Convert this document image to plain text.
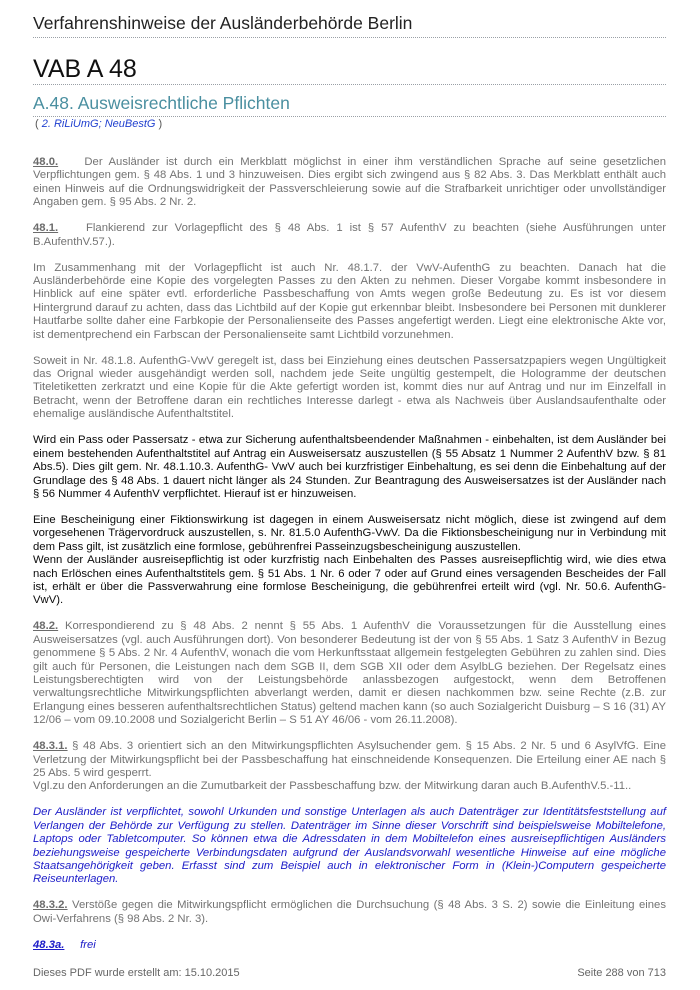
Verfahrenshinweise der Ausländerbehörde Berlin
VAB A 48
A.48. Ausweisrechtliche Pflichten
( 2. RiLiUmG; NeuBestG )

48.0. Der Ausländer ist durch ein Merkblatt möglichst in einer ihm verständlichen Sprache auf seine gesetzlichen Verpflichtungen gem. § 48 Abs. 1 und 3 hinzuweisen. Dies ergibt sich zwingend aus § 82 Abs. 3. Das Merkblatt enthält auch einen Hinweis auf die Ordnungswidrigkeit der Passverschleierung sowie auf die Strafbarkeit unrichtiger oder unvollständiger Angaben gem. § 95 Abs. 2 Nr. 2.

48.1. Flankierend zur Vorlagepflicht des § 48 Abs. 1 ist § 57 AufenthV zu beachten (siehe Ausführungen unter B.AufenthV.57.).

Im Zusammenhang mit der Vorlagepflicht ist auch Nr. 48.1.7. der VwV-AufenthG zu beachten. Danach hat die Ausländerbehörde eine Kopie des vorgelegten Passes zu den Akten zu nehmen. Dieser Vorgabe kommt insbesondere in Hinblick auf eine später evtl. erforderliche Passbeschaffung von Amts wegen große Bedeutung zu. Es ist vor diesem Hintergrund darauf zu achten, dass das Lichtbild auf der Kopie gut erkennbar bleibt. Insbesondere bei Personen mit dunklerer Hautfarbe sollte daher eine Farbkopie der Personalienseite des Passes angefertigt werden. Liegt eine elektronische Akte vor, ist dementprechend ein Farbscan der Personalienseite samt Lichtbild vorzunehmen.

Soweit in Nr. 48.1.8. AufenthG-VwV geregelt ist, dass bei Einziehung eines deutschen Passersatzpapiers wegen Ungültigkeit das Orignal wieder ausgehändigt werden soll, nachdem jede Seite ungültig gestempelt, die Hologramme der deutschen Titeletiketten zerkratzt und eine Kopie für die Akte gefertigt worden ist, kommt dies nur auf Antrag und nur im Einzelfall in Betracht, wenn der Betroffene daran ein rechtliches Interesse darlegt - etwa als Nachweis über Auslandsaufenthalte oder ehemalige ausländische Aufenthaltstitel.

Wird ein Pass oder Passersatz - etwa zur Sicherung aufenthaltsbeendender Maßnahmen - einbehalten, ist dem Ausländer bei einem bestehenden Aufenthaltstitel auf Antrag ein Ausweisersatz auszustellen (§ 55 Absatz 1 Nummer 2 AufenthV bzw. § 81 Abs.5). Dies gilt gem. Nr. 48.1.10.3. AufenthG- VwV auch bei kurzfristiger Einbehaltung, es sei denn die Einbehaltung auf der Grundlage des § 48 Abs. 1 dauert nicht länger als 24 Stunden. Zur Beantragung des Ausweisersatzes ist der Ausländer nach § 56 Nummer 4 AufenthV verpflichtet. Hierauf ist er hinzuweisen.

Eine Bescheinigung einer Fiktionswirkung ist dagegen in einem Ausweisersatz nicht möglich, diese ist zwingend auf dem vorgesehenen Trägervordruck auszustellen, s. Nr. 81.5.0 AufenthG-VwV. Da die Fiktionsbescheinigung nur in Verbindung mit dem Pass gilt, ist zusätzlich eine formlose, gebührenfrei Passeinzugsbescheinigung auszustellen.
Wenn der Ausländer ausreisepflichtig ist oder kurzfristig nach Einbehalten des Passes ausreisepflichtig wird, wie dies etwa nach Erlöschen eines Aufenthaltstitels gem. § 51 Abs. 1 Nr. 6 oder 7 oder auf Grund eines versagenden Bescheides der Fall ist, erhält er über die Passverwahrung eine formlose Bescheinigung, die gebührenfrei erteilt wird (vgl. Nr. 50.6. AufenthG-VwV).

48.2. Korrespondierend zu § 48 Abs. 2 nennt § 55 Abs. 1 AufenthV die Voraussetzungen für die Ausstellung eines Ausweisersatzes (vgl. auch Ausführungen dort). Von besonderer Bedeutung ist der von § 55 Abs. 1 Satz 3 AufenthV in Bezug genommene § 5 Abs. 2 Nr. 4 AufenthV, wonach die vom Herkunftsstaat allgemein festgelegten Gebühren zu zahlen sind. Dies gilt auch für Personen, die Leistungen nach dem SGB II, dem SGB XII oder dem AsylbLG beziehen. Der Regelsatz eines Leistungsberechtigten wird von der Leistungsbehörde anlassbezogen aufgestockt, wenn dem Betroffenen verwaltungsrechtliche Mitwirkungspflichten abverlangt werden, damit er diesen nachkommen bzw. seine Rechte (z.B. zur Erlangung eines besseren aufenthaltsrechtlichen Status) geltend machen kann (so auch Sozialgericht Duisburg – S 16 (31) AY 12/06 – vom 09.10.2008 und Sozialgericht Berlin – S 51 AY 46/06 - vom 26.11.2008).

48.3.1. § 48 Abs. 3 orientiert sich an den Mitwirkungspflichten Asylsuchender gem. § 15 Abs. 2 Nr. 5 und 6 AsylVfG. Eine Verletzung der Mitwirkungspflicht bei der Passbeschaffung hat einschneidende Konsequenzen. Die Erteilung einer AE nach § 25 Abs. 5 wird gesperrt.
Vgl.zu den Anforderungen an die Zumutbarkeit der Passbeschaffung bzw. der Mitwirkung daran auch B.AufenthV.5.-11..

Der Ausländer ist verpflichtet, sowohl Urkunden und sonstige Unterlagen als auch Datenträger zur Identitätsfeststellung auf Verlangen der Behörde zur Verfügung zu stellen. Datenträger im Sinne dieser Vorschrift sind beispielsweise Mobiltelefone, Laptops oder Tabletcomputer. So können etwa die Adressdaten in dem Mobiltelefon eines ausreisepflichtigen Ausländers beziehungsweise gespeicherte Verbindungsdaten aufgrund der Auslandsvorwahl wesentliche Hinweise auf eine mögliche Staatsangehörigkeit geben. Erfasst sind zum Beispiel auch in elektronischer Form in (Klein-)Computern gespeicherte Reiseunterlagen.

48.3.2. Verstöße gegen die Mitwirkungspflicht ermöglichen die Durchsuchung (§ 48 Abs. 3 S. 2) sowie die Einleitung eines Owi-Verfahrens (§ 98 Abs. 2 Nr. 3).

48.3a. frei

Dieses PDF wurde erstellt am: 15.10.2015	Seite 288 von 713
